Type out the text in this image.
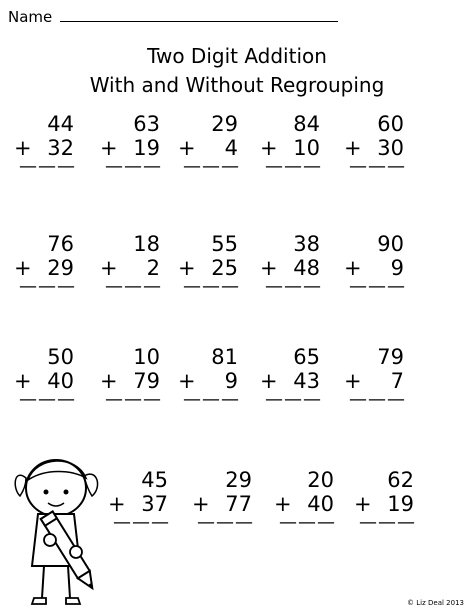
Name
Two Digit Addition
With and Without Regrouping
44
+ 32
———
63
+ 19
———
29
+ 4
———
84
+ 10
———
60
+ 30
———
76
+ 29
———
18
+ 2
———
55
+ 25
———
38
+ 48
———
90
+ 9
———
50
+ 40
———
10
+ 79
———
81
+ 9
———
65
+ 43
———
79
+ 7
———
45
+ 37
———
29
+ 77
———
20
+ 40
———
62
+ 19
———
© Liz Deal 2013
